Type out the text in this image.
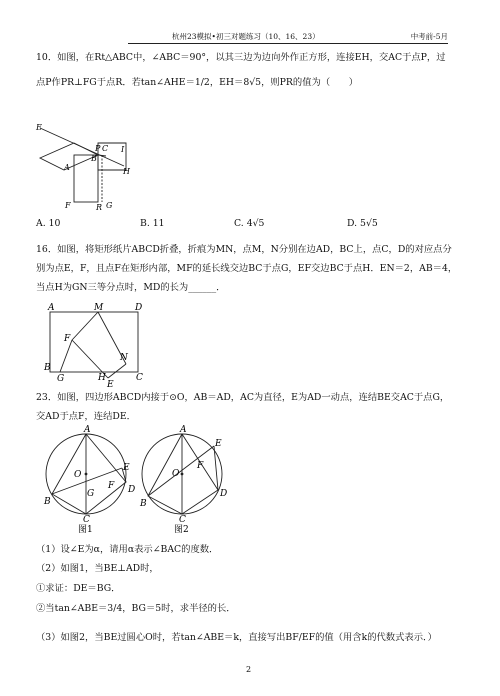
杭州23模拟•初三对题练习（10、16、23）	中考前-5月
10．如图，在Rt△ABC中，∠ABC＝90°，以其三边为边向外作正方形，连接EH，交AC于点P，过
点P作PR⊥FG于点R．若tan∠AHE＝1/2，EH＝8√5，则PR的值为（　　）
E
A
P C I
B
H
F	R G
A. 10	B. 11	C. 4√5	D. 5√5
16．如图，将矩形纸片ABCD折叠，折痕为MN，点M，N分别在边AD，BC上，点C，D的对应点分
别为点E，F，且点F在矩形内部，MF的延长线交边BC于点G，EF交边BC于点H．EN＝2，AB＝4，
当点H为GN三等分点时，MD的长为______．
A	M	D
F
N
B
G	H
E
C
23．如图，四边形ABCD内接于⊙O，AB＝AD，AC为直径，E为AD一动点，连结BE交AC于点G，
交AD于点F，连结DE．
A
O
E
F
G	D
B
C
图1
A
O
E
F
D
B
C
图2
（1）设∠E为α，请用α表示∠BAC的度数．
（2）如图1，当BE⊥AD时，
①求证：DE＝BG．
②当tan∠ABE＝3/4，BG＝5时，求半径的长．
（3）如图2，当BE过圆心O时，若tan∠ABE＝k，直接写出BF/EF的值（用含k的代数式表示．）
2
